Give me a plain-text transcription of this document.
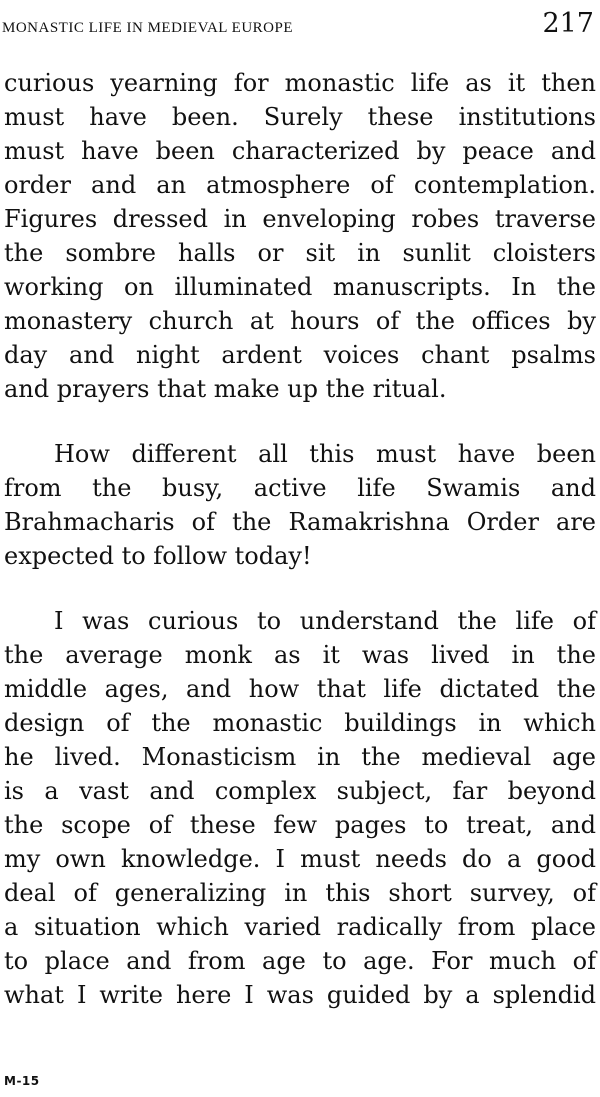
MONASTIC LIFE IN MEDIEVAL EUROPE	217
curious yearning for monastic life as it then
must have been. Surely these institutions
must have been characterized by peace and
order and an atmosphere of contemplation.
Figures dressed in enveloping robes traverse
the sombre halls or sit in sunlit cloisters
working on illuminated manuscripts. In the
monastery church at hours of the offices by
day and night ardent voices chant psalms
and prayers that make up the ritual.
How different all this must have been
from the busy, active life Swamis and
Brahmacharis of the Ramakrishna Order are
expected to follow today!
I was curious to understand the life of
the average monk as it was lived in the
middle ages, and how that life dictated the
design of the monastic buildings in which
he lived. Monasticism in the medieval age
is a vast and complex subject, far beyond
the scope of these few pages to treat, and
my own knowledge. I must needs do a good
deal of generalizing in this short survey, of
a situation which varied radically from place
to place and from age to age. For much of
what I write here I was guided by a splendid
M-15
